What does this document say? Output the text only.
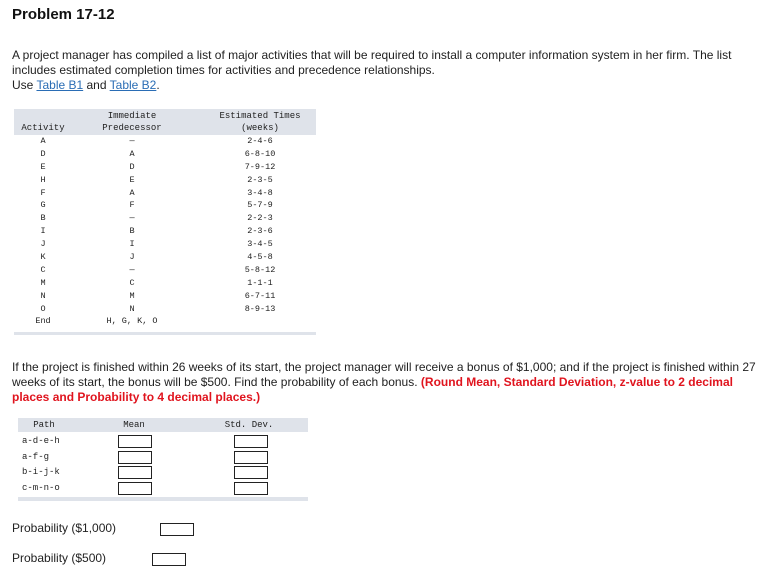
Problem 17-12
A project manager has compiled a list of major activities that will be required to install a computer information system in her firm. The list includes estimated completion times for activities and precedence relationships.
Use Table B1 and Table B2.
Activity
Immediate
Predecessor
Estimated Times
(weeks)
A	—	2-4-6
D	A	6-8-10
E	D	7-9-12
H	E	2-3-5
F	A	3-4-8
G	F	5-7-9
B	—	2-2-3
I	B	2-3-6
J	I	3-4-5
K	J	4-5-8
C	—	5-8-12
M	C	1-1-1
N	M	6-7-11
O	N	8-9-13
End	H, G, K, O
If the project is finished within 26 weeks of its start, the project manager will receive a bonus of $1,000; and if the project is finished within 27 weeks of its start, the bonus will be $500. Find the probability of each bonus. (Round Mean, Standard Deviation, z-value to 2 decimal places and Probability to 4 decimal places.)
Path	Mean	Std. Dev.
a-d-e-h
a-f-g
b-i-j-k
c-m-n-o
Probability ($1,000)
Probability ($500)
